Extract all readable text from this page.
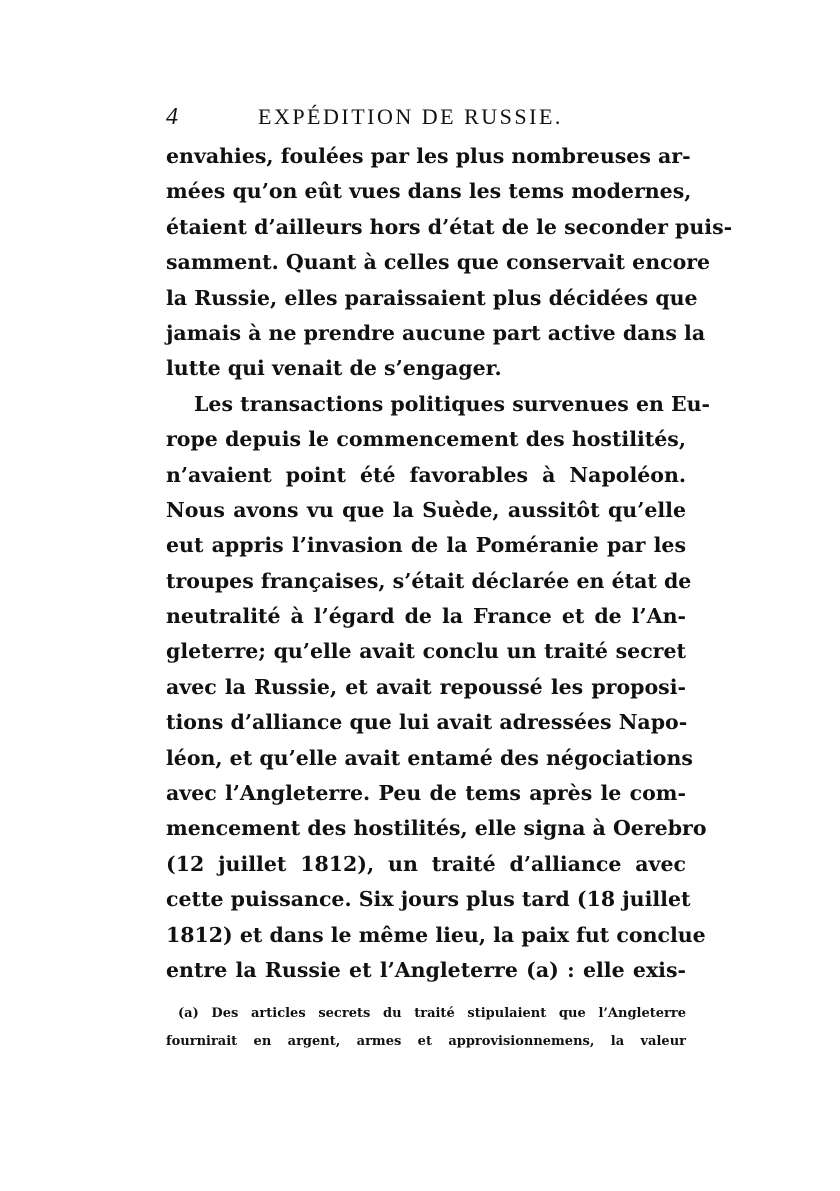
4	EXPÉDITION DE RUSSIE.
envahies, foulées par les plus nombreuses ar-
mées qu’on eût vues dans les tems modernes,
étaient d’ailleurs hors d’état de le seconder puis-
samment. Quant à celles que conservait encore
la Russie, elles paraissaient plus décidées que
jamais à ne prendre aucune part active dans la
lutte qui venait de s’engager.
Les transactions politiques survenues en Eu-
rope depuis le commencement des hostilités,
n’avaient point été favorables à Napoléon.
Nous avons vu que la Suède, aussitôt qu’elle
eut appris l’invasion de la Poméranie par les
troupes françaises, s’était déclarée en état de
neutralité à l’égard de la France et de l’An-
gleterre; qu’elle avait conclu un traité secret
avec la Russie, et avait repoussé les proposi-
tions d’alliance que lui avait adressées Napo-
léon, et qu’elle avait entamé des négociations
avec l’Angleterre. Peu de tems après le com-
mencement des hostilités, elle signa à Oerebro
(12 juillet 1812), un traité d’alliance avec
cette puissance. Six jours plus tard (18 juillet
1812) et dans le même lieu, la paix fut conclue
entre la Russie et l’Angleterre (a) : elle exis-
(a) Des articles secrets du traité stipulaient que l’Angleterre
fournirait en argent, armes et approvisionnemens, la valeur
